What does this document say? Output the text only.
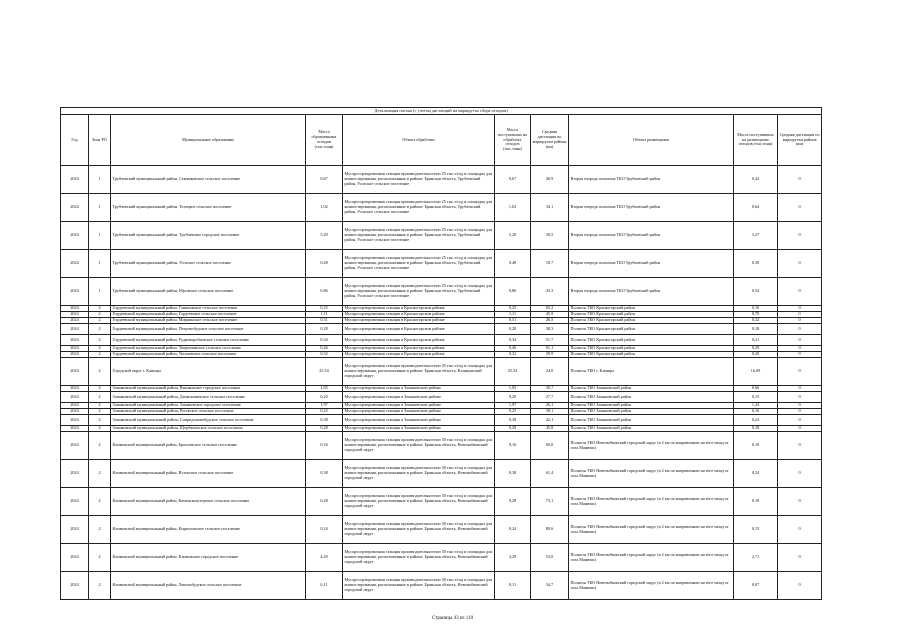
Детализация потока (с учетом дистанций на маршрутах сбора отходов)									
Год	Зона РО	Муниципальное образование	Масса образованных отходов (тыс.тонн)	Объект обработки	Масса поступивших на обработку отходов (тыс.тонн)	Средняя дистанция по маршрутам района (км)	Объект размещения	Масса поступивших на размещение отходов (тыс.тонн)	Средняя дистанция по маршрутам района (км)
2024	1	Трубчевский муниципальный район, Семячковское сельское поселение	0,67	Мусоросортировочная станция производительностью 25 тыс.т/год и площадка для компостирования, расположенные в районе: Брянская область, Трубчевский район, Усохское сельское поселение	0,67	40,9	Вторая очередь полигона ТКО Трубчевский район	0,42	0
2024	1	Трубчевский муниципальный район, Телецкое сельское поселение	1,02	Мусоросортировочная станция производительностью 25 тыс.т/год и площадка для компостирования, расположенные в районе: Брянская область, Трубчевский район, Усохское сельское поселение	1,02	34,1	Вторая очередь полигона ТКО Трубчевский район	0,64	0
2024	1	Трубчевский муниципальный район, Трубчевское городское поселение	5,20	Мусоросортировочная станция производительностью 25 тыс.т/год и площадка для компостирования, расположенные в районе: Брянская область, Трубчевский район, Усохское сельское поселение	5,20	30,5	Вторая очередь полигона ТКО Трубчевский район	3,27	0
2024	1	Трубчевский муниципальный район, Усохское сельское поселение	0,48	Мусоросортировочная станция производительностью 25 тыс.т/год и площадка для компостирования, расположенные в районе: Брянская область, Трубчевский район, Усохское сельское поселение	0,48	18,7	Вторая очередь полигона ТКО Трубчевский район	0,30	0
2024	1	Трубчевский муниципальный район, Юровское сельское поселение	0,86	Мусоросортировочная станция производительностью 25 тыс.т/год и площадка для компостирования, расположенные в районе: Брянская область, Трубчевский район, Усохское сельское поселение	0,86	43,3	Вторая очередь полигона ТКО Трубчевский район	0,54	0
2024	2	Гордеевский муниципальный район, Глинновское сельское поселение	0,25	Мусоросортировочная станция в Красногорском районе	0,25	65,2	Полигон ТКО Красногорский район	0,16	0
2024	2	Гордеевский муниципальный район, Гордеевское сельское поселение	1,11	Мусоросортировочная станция в Красногорском районе	1,11	45,9	Полигон ТКО Красногорский район	0,70	0
2024	2	Гордеевский муниципальный район, Мирнинское сельское поселение	0,51	Мусоросортировочная станция в Красногорском районе	0,51	26,5	Полигон ТКО Красногорский район	0,32	0
2024	2	Гордеевский муниципальный район, Петровобудское сельское поселение	0,28	Мусоросортировочная станция в Красногорском районе	0,28	38,3	Полигон ТКО Красногорский район	0,18	0
2024	2	Гордеевский муниципальный район, Рудневоробьевское сельское поселение	0,34	Мусоросортировочная станция в Красногорском районе	0,34	51,7	Полигон ТКО Красногорский район	0,21	0
2024	2	Гордеевский муниципальный район, Творишинское сельское поселение	0,46	Мусоросортировочная станция в Красногорском районе	0,46	61,1	Полигон ТКО Красногорский район	0,29	0
2024	2	Гордеевский муниципальный район, Уношевское сельское поселение	0,32	Мусоросортировочная станция в Красногорском районе	0,32	39,9	Полигон ТКО Красногорский район	0,20	0
2024	2	Городской округ г. Клинцы	25,54	Мусоросортировочная станция производительностью 45 тыс.т/год и площадка для компостирования, расположенные в районе: Брянская область, Клинцовский городской округ	25,54	24,0	Полигон ТКО г. Клинцы	16,09	0
2024	2	Злынковский муниципальный район, Вышковское городское поселение	1,05	Мусоросортировочная станция в Злынковском районе	1,05	30,7	Полигон ТКО Злынковский район	0,66	0
2024	2	Злынковский муниципальный район, Денисковичское сельское поселение	0,20	Мусоросортировочная станция в Злынковском районе	0,20	27,7	Полигон ТКО Злынковский район	0,13	0
2024	2	Злынковский муниципальный район, Злынковское городское поселение	1,97	Мусоросортировочная станция в Злынковском районе	1,97	26,1	Полигон ТКО Злынковский район	1,24	0
2024	2	Злынковский муниципальный район, Роговское сельское поселение	0,25	Мусоросортировочная станция в Злынковском районе	0,25	39,1	Полигон ТКО Злынковский район	0,16	0
2024	2	Злынковский муниципальный район, Спиридоновобудское сельское поселение	0,38	Мусоросортировочная станция в Злынковском районе	0,38	42,1	Полигон ТКО Злынковский район	0,24	0
2024	2	Злынковский муниципальный район, Щербиничское сельское поселение	0,28	Мусоросортировочная станция в Злынковском районе	0,28	45,8	Полигон ТКО Злынковский район	0,18	0
2024	2	Климовский муниципальный район, Брахловское сельское поселение	0,16	Мусоросортировочная станция производительностью 30 тыс.т/год и площадка для компостирования, расположенные в районе: Брянская область, Новозыбковский городской округ	0,16	60,0	Полигон ТКО Новозыбковский городской округ (в 2 км по направлению на юго-запад от села Манюки)	0,10	0
2024	2	Климовский муниципальный район, Истопское сельское поселение	0,38	Мусоросортировочная станция производительностью 30 тыс.т/год и площадка для компостирования, расположенные в районе: Брянская область, Новозыбковский городской округ	0,38	61,4	Полигон ТКО Новозыбковский городской округ (в 2 км по направлению на юго-запад от села Манюки)	0,24	0
2024	2	Климовский муниципальный район, Каменскохуторское сельское поселение	0,28	Мусоросортировочная станция производительностью 30 тыс.т/год и площадка для компостирования, расположенные в районе: Брянская область, Новозыбковский городской округ	0,28	73,1	Полигон ТКО Новозыбковский городской округ (в 2 км по направлению на юго-запад от села Манюки)	0,18	0
2024	2	Климовский муниципальный район, Кирилловское сельское поселение	0,24	Мусоросортировочная станция производительностью 30 тыс.т/год и площадка для компостирования, расположенные в районе: Брянская область, Новозыбковский городской округ	0,24	80,6	Полигон ТКО Новозыбковский городской округ (в 2 км по направлению на юго-запад от села Манюки)	0,15	0
2024	2	Климовский муниципальный район, Климовское городское поселение	4,29	Мусоросортировочная станция производительностью 30 тыс.т/год и площадка для компостирования, расположенные в районе: Брянская область, Новозыбковский городской округ	4,29	53,0	Полигон ТКО Новозыбковский городской округ (в 2 км по направлению на юго-запад от села Манюки)	2,71	0
2024	2	Климовский муниципальный район, Лакомобудское сельское поселение	0,11	Мусоросортировочная станция производительностью 30 тыс.т/год и площадка для компостирования, расположенные в районе: Брянская область, Новозыбковский городской округ	0,11	34,7	Полигон ТКО Новозыбковский городской округ (в 2 км по направлению на юго-запад от села Манюки)	0,07	0
Страница 43 из 110
